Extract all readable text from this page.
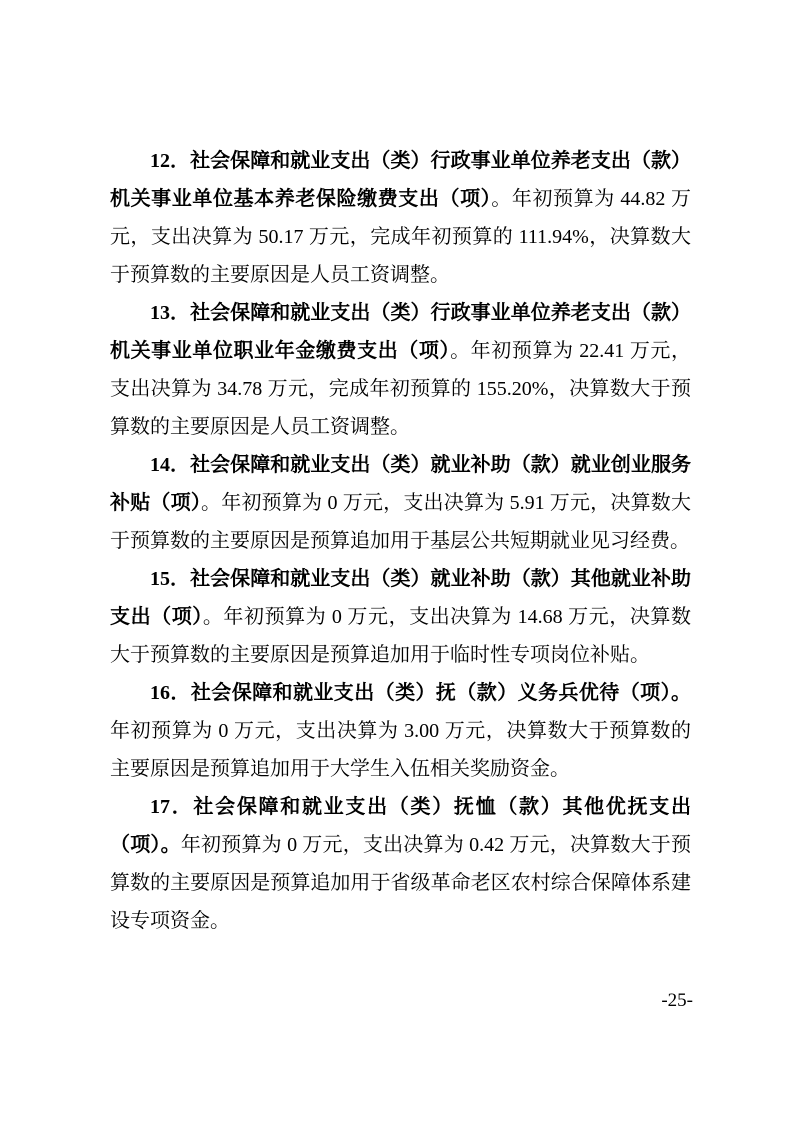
12．社会保障和就业支出（类）行政事业单位养老支出（款）机关事业单位基本养老保险缴费支出（项）。年初预算为 44.82 万元，支出决算为 50.17 万元，完成年初预算的 111.94%，决算数大于预算数的主要原因是人员工资调整。

13．社会保障和就业支出（类）行政事业单位养老支出（款）机关事业单位职业年金缴费支出（项）。年初预算为 22.41 万元，支出决算为 34.78 万元，完成年初预算的 155.20%，决算数大于预算数的主要原因是人员工资调整。

14．社会保障和就业支出（类）就业补助（款）就业创业服务补贴（项）。年初预算为 0 万元，支出决算为 5.91 万元，决算数大于预算数的主要原因是预算追加用于基层公共短期就业见习经费。

15．社会保障和就业支出（类）就业补助（款）其他就业补助支出（项）。年初预算为 0 万元，支出决算为 14.68 万元，决算数大于预算数的主要原因是预算追加用于临时性专项岗位补贴。

16．社会保障和就业支出（类）抚（款）义务兵优待（项）。年初预算为 0 万元，支出决算为 3.00 万元，决算数大于预算数的主要原因是预算追加用于大学生入伍相关奖励资金。

17．社会保障和就业支出（类）抚恤（款）其他优抚支出（项）。年初预算为 0 万元，支出决算为 0.42 万元，决算数大于预算数的主要原因是预算追加用于省级革命老区农村综合保障体系建设专项资金。

-25-
